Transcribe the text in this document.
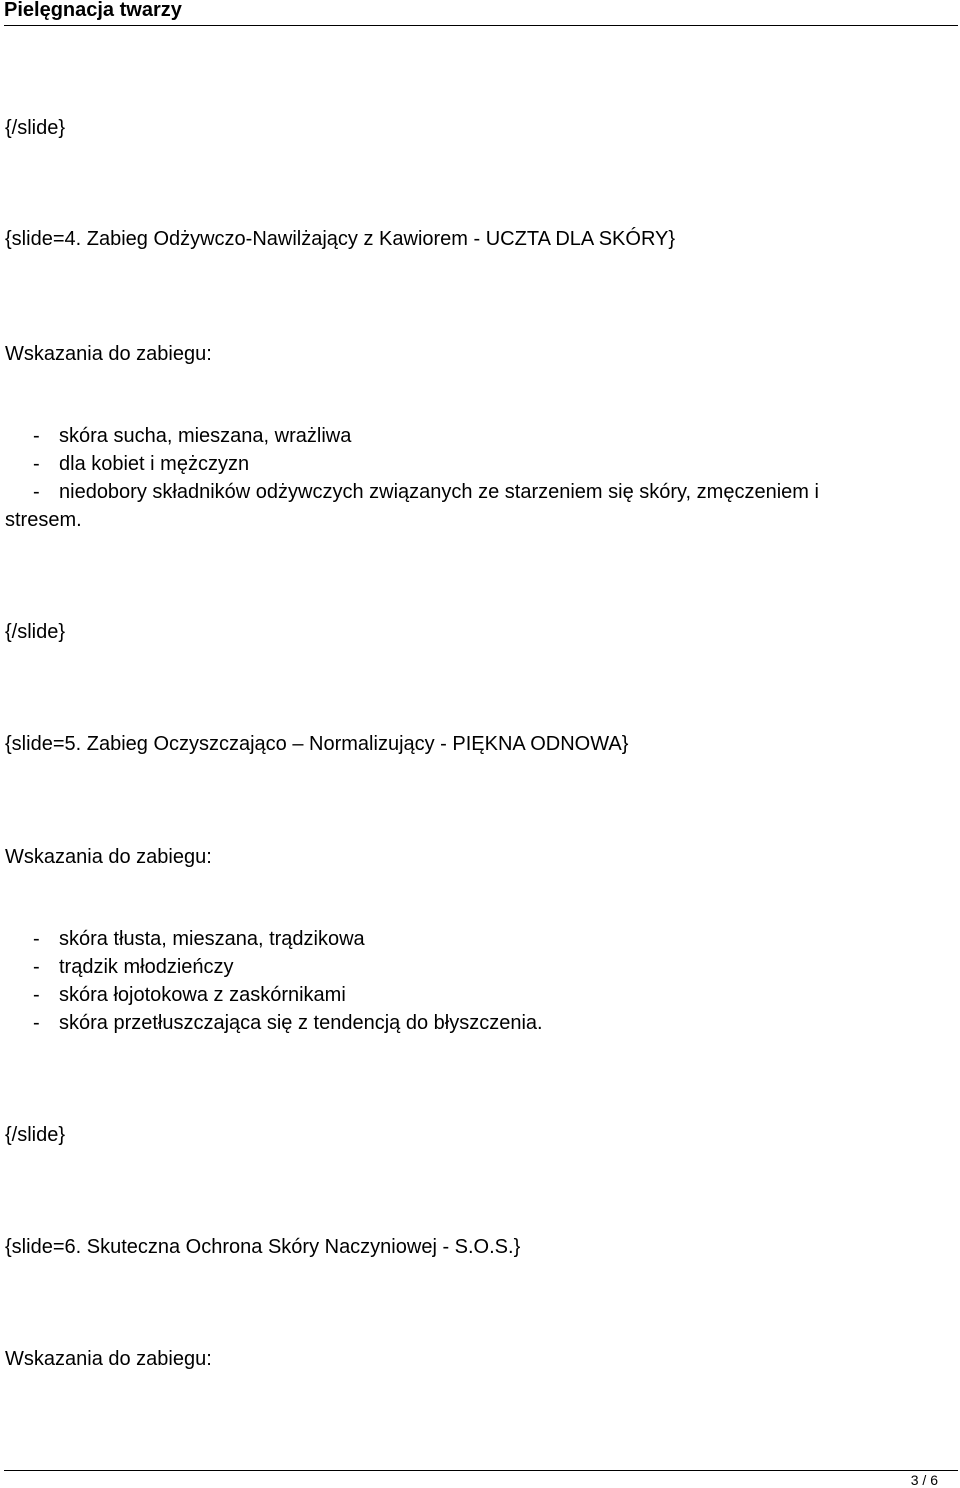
Pielęgnacja twarzy
{/slide}
{slide=4. Zabieg Odżywczo-Nawilżający z Kawiorem - UCZTA DLA SKÓRY}
Wskazania do zabiegu:
- skóra sucha, mieszana, wrażliwa
- dla kobiet i mężczyzn
- niedobory składników odżywczych związanych ze starzeniem się skóry, zmęczeniem i
stresem.
{/slide}
{slide=5. Zabieg Oczyszczająco – Normalizujący - PIĘKNA ODNOWA}
Wskazania do zabiegu:
- skóra tłusta, mieszana, trądzikowa
- trądzik młodzieńczy
- skóra łojotokowa z zaskórnikami
- skóra przetłuszczająca się z tendencją do błyszczenia.
{/slide}
{slide=6. Skuteczna Ochrona Skóry Naczyniowej - S.O.S.}
Wskazania do zabiegu:
3 / 6
